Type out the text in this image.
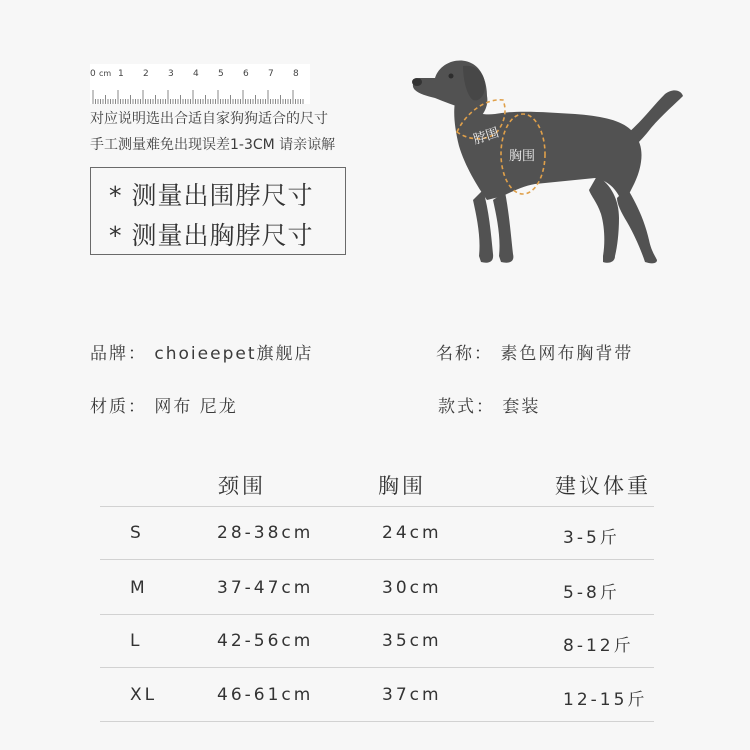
0 cm 1 2 3 4 5 6 7 8
对应说明选出合适自家狗狗适合的尺寸
手工测量难免出现误差1-3CM 请亲谅解
* 测量出围脖尺寸
* 测量出胸脖尺寸
脖围
胸围
品牌： choieepet旗舰店	名称： 素色网布胸背带
材质： 网布 尼龙	款式： 套装
颈围	胸围	建议体重
S	28-38cm	24cm	3-5斤
M	37-47cm	30cm	5-8斤
L	42-56cm	35cm	8-12斤
XL	46-61cm	37cm	12-15斤
